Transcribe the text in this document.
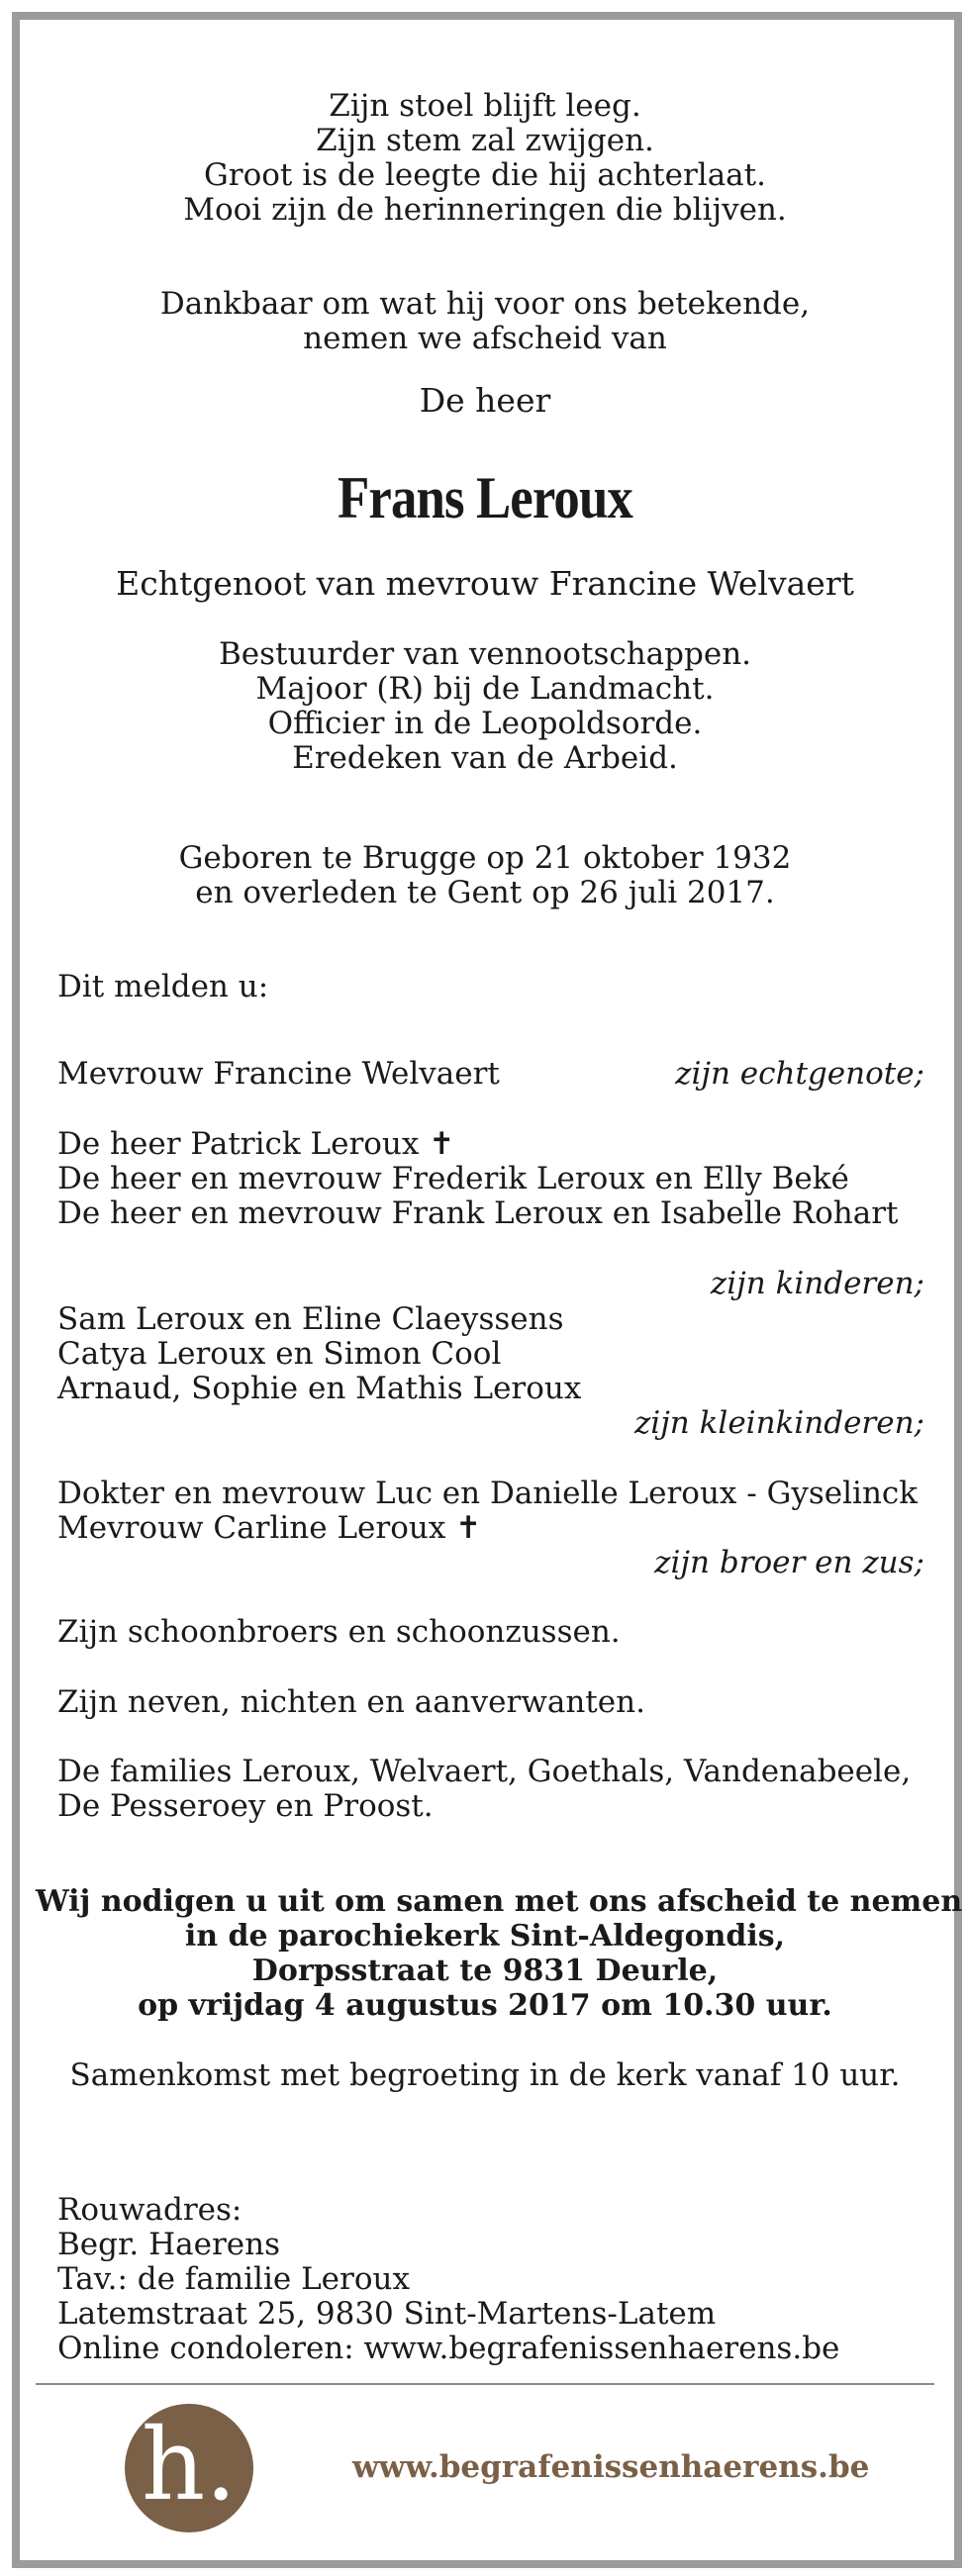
Zijn stoel blijft leeg.
Zijn stem zal zwijgen.
Groot is de leegte die hij achterlaat.
Mooi zijn de herinneringen die blijven.
Dankbaar om wat hij voor ons betekende,
nemen we afscheid van
De heer
Frans Leroux
Echtgenoot van mevrouw Francine Welvaert
Bestuurder van vennootschappen.
Majoor (R) bij de Landmacht.
Officier in de Leopoldsorde.
Eredeken van de Arbeid.
Geboren te Brugge op 21 oktober 1932
en overleden te Gent op 26 juli 2017.
Dit melden u:
Mevrouw Francine Welvaert	zijn echtgenote;
De heer Patrick Leroux ✝
De heer en mevrouw Frederik Leroux en Elly Beké
De heer en mevrouw Frank Leroux en Isabelle Rohart
zijn kinderen;
Sam Leroux en Eline Claeyssens
Catya Leroux en Simon Cool
Arnaud, Sophie en Mathis Leroux
zijn kleinkinderen;
Dokter en mevrouw Luc en Danielle Leroux - Gyselinck
Mevrouw Carline Leroux ✝
zijn broer en zus;
Zijn schoonbroers en schoonzussen.
Zijn neven, nichten en aanverwanten.
De families Leroux, Welvaert, Goethals, Vandenabeele,
De Pesseroey en Proost.
Wij nodigen u uit om samen met ons afscheid te nemen
in de parochiekerk Sint-Aldegondis,
Dorpsstraat te 9831 Deurle,
op vrijdag 4 augustus 2017 om 10.30 uur.
Samenkomst met begroeting in de kerk vanaf 10 uur.
Rouwadres:
Begr. Haerens
Tav.: de familie Leroux
Latemstraat 25, 9830 Sint-Martens-Latem
Online condoleren: www.begrafenissenhaerens.be
h.	www.begrafenissenhaerens.be
